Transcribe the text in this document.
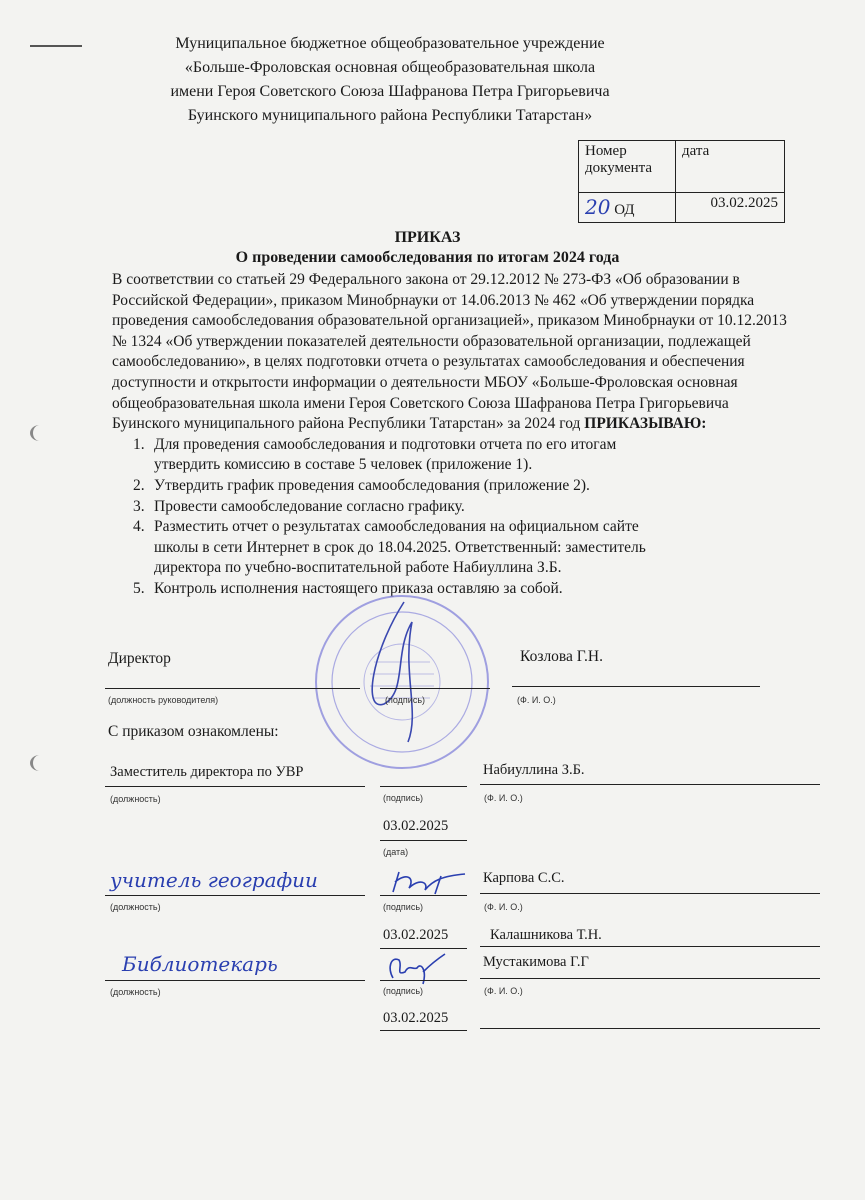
Муниципальное бюджетное общеобразовательное учреждение
«Больше-Фроловская основная общеобразовательная школа
имени Героя Советского Союза Шафранова Петра Григорьевича
Буинского муниципального района Республики Татарстан»
Номер документа	дата
20 ОД	03.02.2025
ПРИКАЗ
О проведении самообследования по итогам 2024 года

В соответствии со статьей 29 Федерального закона от 29.12.2012 № 273-ФЗ «Об образовании в Российской Федерации», приказом Минобрнауки от 14.06.2013 № 462 «Об утверждении порядка проведения самообследования образовательной организацией», приказом Минобрнауки от 10.12.2013 № 1324 «Об утверждении показателей деятельности образовательной организации, подлежащей самообследованию», в целях подготовки отчета о результатах самообследования и обеспечения доступности и открытости информации о деятельности МБОУ «Больше-Фроловская основная общеобразовательная школа имени Героя Советского Союза Шафранова Петра Григорьевича Буинского муниципального района Республики Татарстан» за 2024 год ПРИКАЗЫВАЮ:

1. Для проведения самообследования и подготовки отчета по его итогам утвердить комиссию в составе 5 человек (приложение 1).
2. Утвердить график проведения самообследования (приложение 2).
3. Провести самообследование согласно графику.
4. Разместить отчет о результатах самообследования на официальном сайте школы в сети Интернет в срок до 18.04.2025. Ответственный: заместитель директора по учебно-воспитательной работе Набиуллина З.Б.
5. Контроль исполнения настоящего приказа оставляю за собой.
Директор	Козлова Г.Н.
(должность руководителя)	(подпись)	(Ф. И. О.)
С приказом ознакомлены:
Заместитель директора по УВР	Набиуллина З.Б.
(должность)	(подпись)	(Ф. И. О.)
03.02.2025
(дата)
учитель географии	Карпова С.С.
(должность)	(подпись)	(Ф. И. О.)
03.02.2025	Калашникова Т.Н.
Библиотекарь	Мустакимова Г.Г
(должность)	(подпись)	(Ф. И. О.)
03.02.2025
